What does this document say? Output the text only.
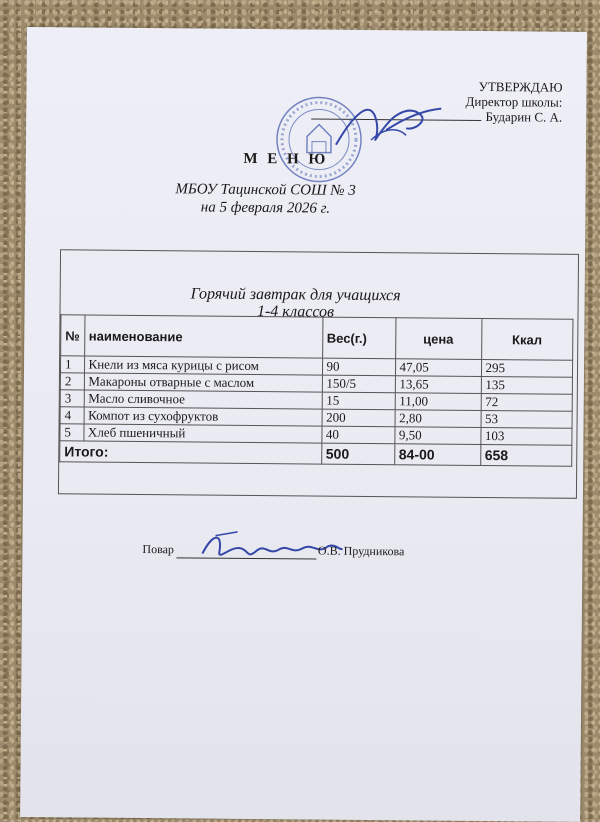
УТВЕРЖДАЮ
Директор школы:
Бударин С. А.
М Е Н Ю
МБОУ Тацинской СОШ № 3
на 5 февраля 2026 г.
Горячий завтрак для учащихся
1-4 классов
№	наименование	Вес(г.)	цена	Ккал
1	Кнели из мяса курицы с рисом	90	47,05	295
2	Макароны отварные с маслом	150/5	13,65	135
3	Масло сливочное	15	11,00	72
4	Компот из сухофруктов	200	2,80	53
5	Хлеб пшеничный	40	9,50	103
Итого:		500	84-00	658
Повар	О.В. Прудникова
